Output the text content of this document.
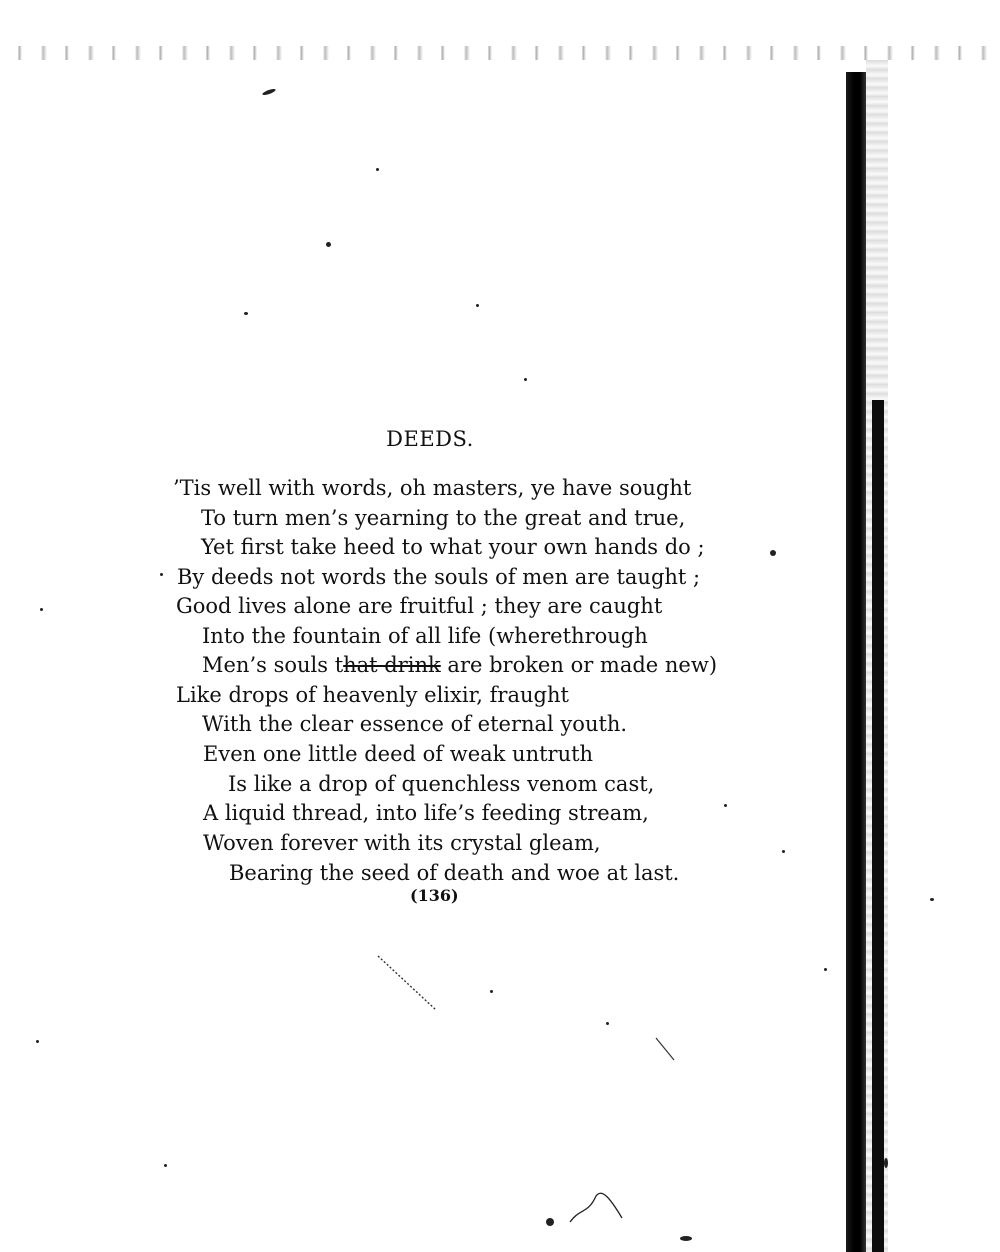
DEEDS.
’Tis well with words, oh masters, ye have sought
To turn men’s yearning to the great and true,
Yet first take heed to what your own hands do ;
By deeds not words the souls of men are taught ;
Good lives alone are fruitful ; they are caught
Into the fountain of all life (wherethrough
Men’s souls that drink are broken or made new)
Like drops of heavenly elixir, fraught
With the clear essence of eternal youth.
Even one little deed of weak untruth
Is like a drop of quenchless venom cast,
A liquid thread, into life’s feeding stream,
Woven forever with its crystal gleam,
Bearing the seed of death and woe at last.
(136)
